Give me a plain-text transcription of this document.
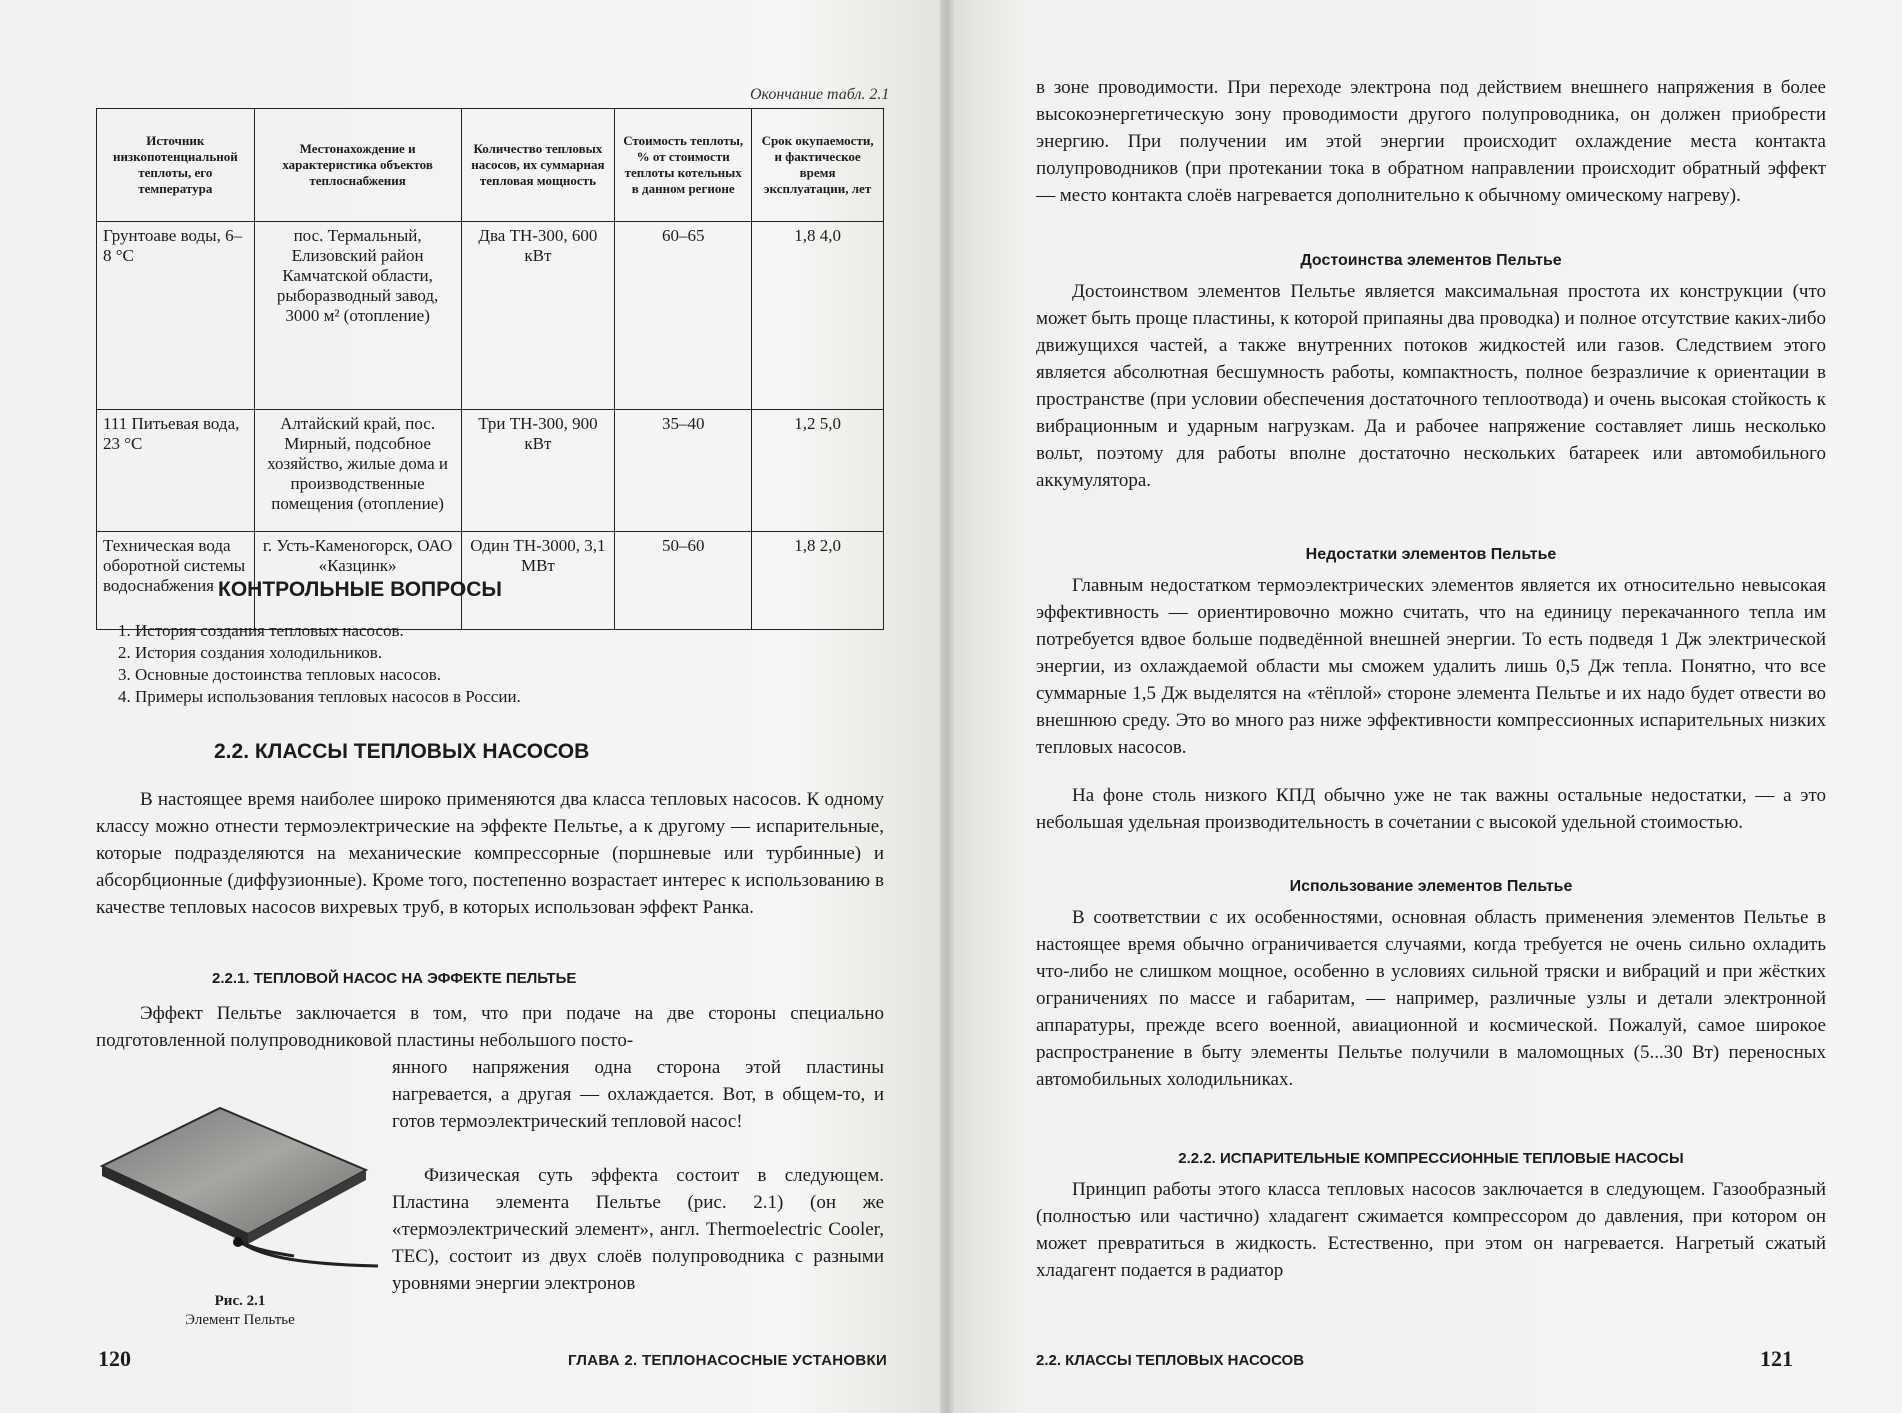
Окончание табл. 2.1
Источник низкопотенциальной теплоты, его температура	Местонахождение и характеристика объектов теплоснабжения	Количество тепловых насосов, их суммарная тепловая мощность	Стоимость теплоты, % от стоимости теплоты котельных в данном регионе	Срок окупаемости, и фактическое время эксплуатации, лет
Грунтоаве воды, 6–8 °С	пос. Термальный, Елизовский район Камчатской области, рыборазводный завод, 3000 м² (отопление)	Два ТН-300, 600 кВт	60–65	1,8 4,0
111 Питьевая вода, 23 °С	Алтайский край, пос. Мирный, подсобное хозяйство, жилые дома и производственные помещения (отопление)	Три ТН-300, 900 кВт	35–40	1,2 5,0
Техническая вода оборотной системы водоснабжения	г. Усть-Каменогорск, ОАО «Казцинк»	Один ТН-3000, 3,1 МВт	50–60	1,8 2,0
КОНТРОЛЬНЫЕ ВОПРОСЫ
1. История создания тепловых насосов.
2. История создания холодильников.
3. Основные достоинства тепловых насосов.
4. Примеры использования тепловых насосов в России.
2.2. КЛАССЫ ТЕПЛОВЫХ НАСОСОВ
В настоящее время наиболее широко применяются два класса тепловых насосов. К одному классу можно отнести термоэлектрические на эффекте Пельтье, а к другому — испарительные, которые подразделяются на механические компрессорные (поршневые или турбинные) и абсорбционные (диффузионные). Кроме того, постепенно возрастает интерес к использованию в качестве тепловых насосов вихревых труб, в которых использован эффект Ранка.
2.2.1. ТЕПЛОВОЙ НАСОС НА ЭФФЕКТЕ ПЕЛЬТЬЕ
Эффект Пельтье заключается в том, что при подаче на две стороны специально подготовленной полупроводниковой пластины небольшого посто-
янного напряжения одна сторона этой пластины нагревается, а другая — охлаждается. Вот, в общем-то, и готов термоэлектрический тепловой насос!
Физическая суть эффекта состоит в следующем. Пластина элемента Пельтье (рис. 2.1) (он же «термоэлектрический элемент», англ. Thermoelectric Cooler, TEC), состоит из двух слоёв полупроводника с разными уровнями энергии электронов
Рис. 2.1
Элемент Пельтье
120	ГЛАВА 2. ТЕПЛОНАСОСНЫЕ УСТАНОВКИ
в зоне проводимости. При переходе электрона под действием внешнего напряжения в более высокоэнергетическую зону проводимости другого полупроводника, он должен приобрести энергию. При получении им этой энергии происходит охлаждение места контакта полупроводников (при протекании тока в обратном направлении происходит обратный эффект — место контакта слоёв нагревается дополнительно к обычному омическому нагреву).
Достоинства элементов Пельтье
Достоинством элементов Пельтье является максимальная простота их конструкции (что может быть проще пластины, к которой припаяны два проводка) и полное отсутствие каких-либо движущихся частей, а также внутренних потоков жидкостей или газов. Следствием этого является абсолютная бесшумность работы, компактность, полное безразличие к ориентации в пространстве (при условии обеспечения достаточного теплоотвода) и очень высокая стойкость к вибрационным и ударным нагрузкам. Да и рабочее напряжение составляет лишь несколько вольт, поэтому для работы вполне достаточно нескольких батареек или автомобильного аккумулятора.
Недостатки элементов Пельтье
Главным недостатком термоэлектрических элементов является их относительно невысокая эффективность — ориентировочно можно считать, что на единицу перекачанного тепла им потребуется вдвое больше подведённой внешней энергии. То есть подведя 1 Дж электрической энергии, из охлаждаемой области мы сможем удалить лишь 0,5 Дж тепла. Понятно, что все суммарные 1,5 Дж выделятся на «тёплой» стороне элемента Пельтье и их надо будет отвести во внешнюю среду. Это во много раз ниже эффективности компрессионных испарительных низких тепловых насосов.
На фоне столь низкого КПД обычно уже не так важны остальные недостатки, — а это небольшая удельная производительность в сочетании с высокой удельной стоимостью.
Использование элементов Пельтье
В соответствии с их особенностями, основная область применения элементов Пельтье в настоящее время обычно ограничивается случаями, когда требуется не очень сильно охладить что-либо не слишком мощное, особенно в условиях сильной тряски и вибраций и при жёстких ограничениях по массе и габаритам, — например, различные узлы и детали электронной аппаратуры, прежде всего военной, авиационной и космической. Пожалуй, самое широкое распространение в быту элементы Пельтье получили в маломощных (5...30 Вт) переносных автомобильных холодильниках.
2.2.2. ИСПАРИТЕЛЬНЫЕ КОМПРЕССИОННЫЕ ТЕПЛОВЫЕ НАСОСЫ
Принцип работы этого класса тепловых насосов заключается в следующем. Газообразный (полностью или частично) хладагент сжимается компрессором до давления, при котором он может превратиться в жидкость. Естественно, при этом он нагревается. Нагретый сжатый хладагент подается в радиатор
2.2. КЛАССЫ ТЕПЛОВЫХ НАСОСОВ	121
